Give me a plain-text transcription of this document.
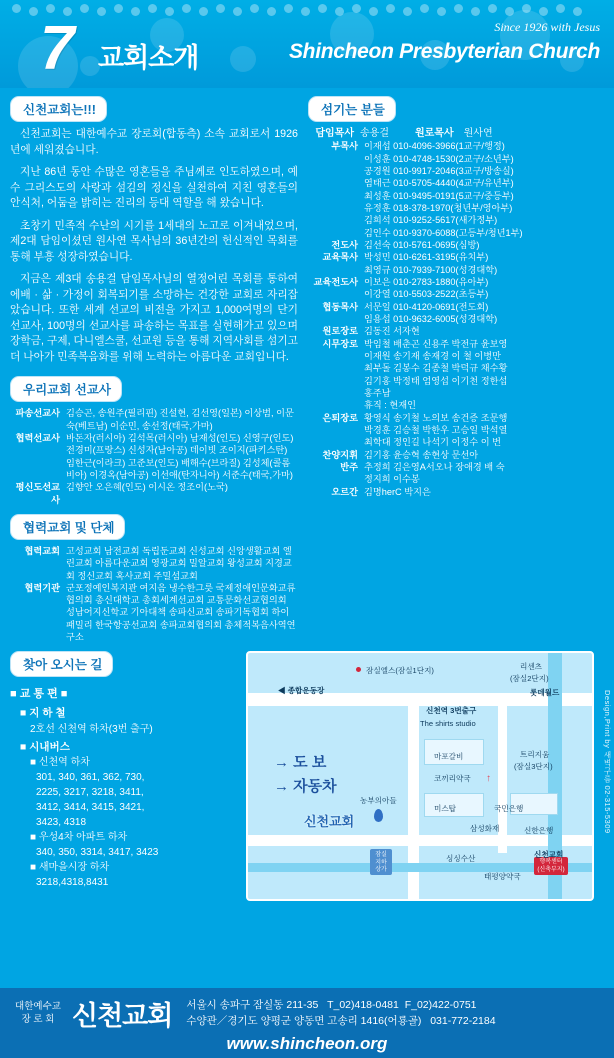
7 교회소개
Since 1926 with Jesus
Shincheon Presbyterian Church
신천교회는!!!
신천교회는 대한예수교 장로회(합동측) 소속 교회로서 1926년에 세워졌습니다.
지난 86년 동안 수많은 영혼들을 주님께로 인도하였으며, 예수 그리스도의 사랑과 섬김의 정신을 실천하여 지친 영혼들의 안식처, 어둠을 밝히는 진리의 등대 역할을 해 왔습니다.
초창기 민족적 수난의 시기를 1세대의 노고로 이겨내었으며, 제2대 담임이셨던 원사연 목사님의 36년간의 헌신적인 목회를 통해 부흥 성장하였습니다.
지금은 제3대 송용걸 담임목사님의 열정어린 목회를 통하여 에배 · 삶 · 가정이 회복되기를 소망하는 건강한 교회로 자리잡았습니다. 또한 세계 선교의 비전을 가지고 1,000여명의 단기 선교사, 100명의 선교사를 파송하는 목표를 실현해가고 있으며 장학금, 구제, 다니엘스쿨, 선교원 등을 통해 지역사회를 섬기고 더 나아가 민족복음화를 위해 노력하는 아름다운 교회입니다.
우리교회 선교사
파송선교사 김승곤, 송원주(필리핀) 진설현, 김선영(일본) 이상범, 이문숙(베트남) 이순민, 송선정(태국,가마)
협력선교사 바돈자(러시아) 김석목(러시아) 남재성(인도) 신영구(인도) 전경미(프랑스) 신성자(남아공) 데이빗 조이지(파키스탄) 임한근(이라크) 고준보(인도) 배해수(브라질) 김성체(콜롬비아) 이경옥(남아공) 이선애(탄자니아) 서준수(태국,가마)
평신도선교사
김향안 오은혜(인도) 이시온 정조이(노국)
협력교회 및 단체
협력교회 고성교회 남전교회 독립둔교회 신성교회 신앙생활교회 엘린교회 아름다운교회 영광교회 밀알교회 왕성교회 지경교회 정신교회 혹사교회 주밀섬교회
협력기관 군포정예인복지관 여지음 냉수한그릇 국제정애인문화교류협의회 총신대학교 총회세계선교회 교통문화선교협의회 성남어지신학교 기아대책 송파신교회 송파기독협회 하이패밀리 한국항공선교회 송파교회협의회 총체적복음사역연구소
섬기는 분들
담임목사 송용걸	원로목사 원사연
부목사 이재섭 010-4096-3966(1교구/행정)
이성훈 010-4748-1530(2교구/소년부)
공경원 010-9917-2046(3교구/방송실)
염태근 010-5705-4440(4교구/유년부)
최성훈 010-9495-0191(5교구/중등부)
유정훈 018-378-1970(청년부/영아부)
김희석 010-9252-5617(새가정부)
김인수 010-9370-6088(고등부/청년1부)
전도사 김선숙 010-5761-0695(심방)
교육목사 박성민 010-6261-3195(유치부)
최영규 010-7939-7100(성경대학)
교육전도사 이보은 010-2783-1880(유아부)
이강열 010-5503-2522(초등부)
협동목사 서문일 010-4120-0691(전도회)
임용섭 010-9632-6005(성경대학)
원로장로 김동진 서자현
시무장로 박임철 배춘곤 신용주 박전규 윤보영
이재원 송기재 송재경 이 철 이병만
최부돌 김봉수 김종철 박덕규 채수황
김기홍 박정태 엄영섭 이기천 정한섭
홍주남
휴직 : 현재인
은퇴장로 황영식 송기철 노의보 송건증 조문행
박경훈 김승철 박한우 고승일 박석열
최학대 정인길 나석기 이정수 이 번
찬양지휘 김기홍 윤승혁 송현상 문선아
반주 추정희 김은영A서오나 장애경 배 숙
정지희 이수봉
오르간 김명herC 박지은
찾아 오시는 길
■ 교 통 편 ■
■ 지 하 철
2호선 신천역 하차(3번 출구)
■ 시내버스
■ 신천역 하차
301, 340, 361, 362, 730,
2225, 3217, 3218, 3411,
3412, 3414, 3415, 3421,
3423, 4318
■ 우성4차 아파트 하차
340, 350, 3314, 3417, 3423
■ 새마을시장 하차
3218,4318,8431
↑
신천교회
잠실
지하
상가
행복센터
(신축부지)
→ 도 보
→ 자동차
잠실엘스(잠실1단지)	리센츠
(잠실2단지)
◀ 종합운동장	롯데월드
신천역 3번출구
The shirts studio
마포갈비	트리지움
(잠실3단지)
코끼리약국
농부의아들
미스탑	국민은행
삼성화재	신한은행
싱싱수산	신천교회
태평양약국
Design,Print by 새벽구름 02-315-5309
대한예수교
장 로 회 신천교회 서울시 송파구 잠실동 211-35 T_02)418-0481 F_02)422-0751
수양관／경기도 양평군 양동면 고송리 1416(어룡골) 031-772-2184
www.shincheon.org
